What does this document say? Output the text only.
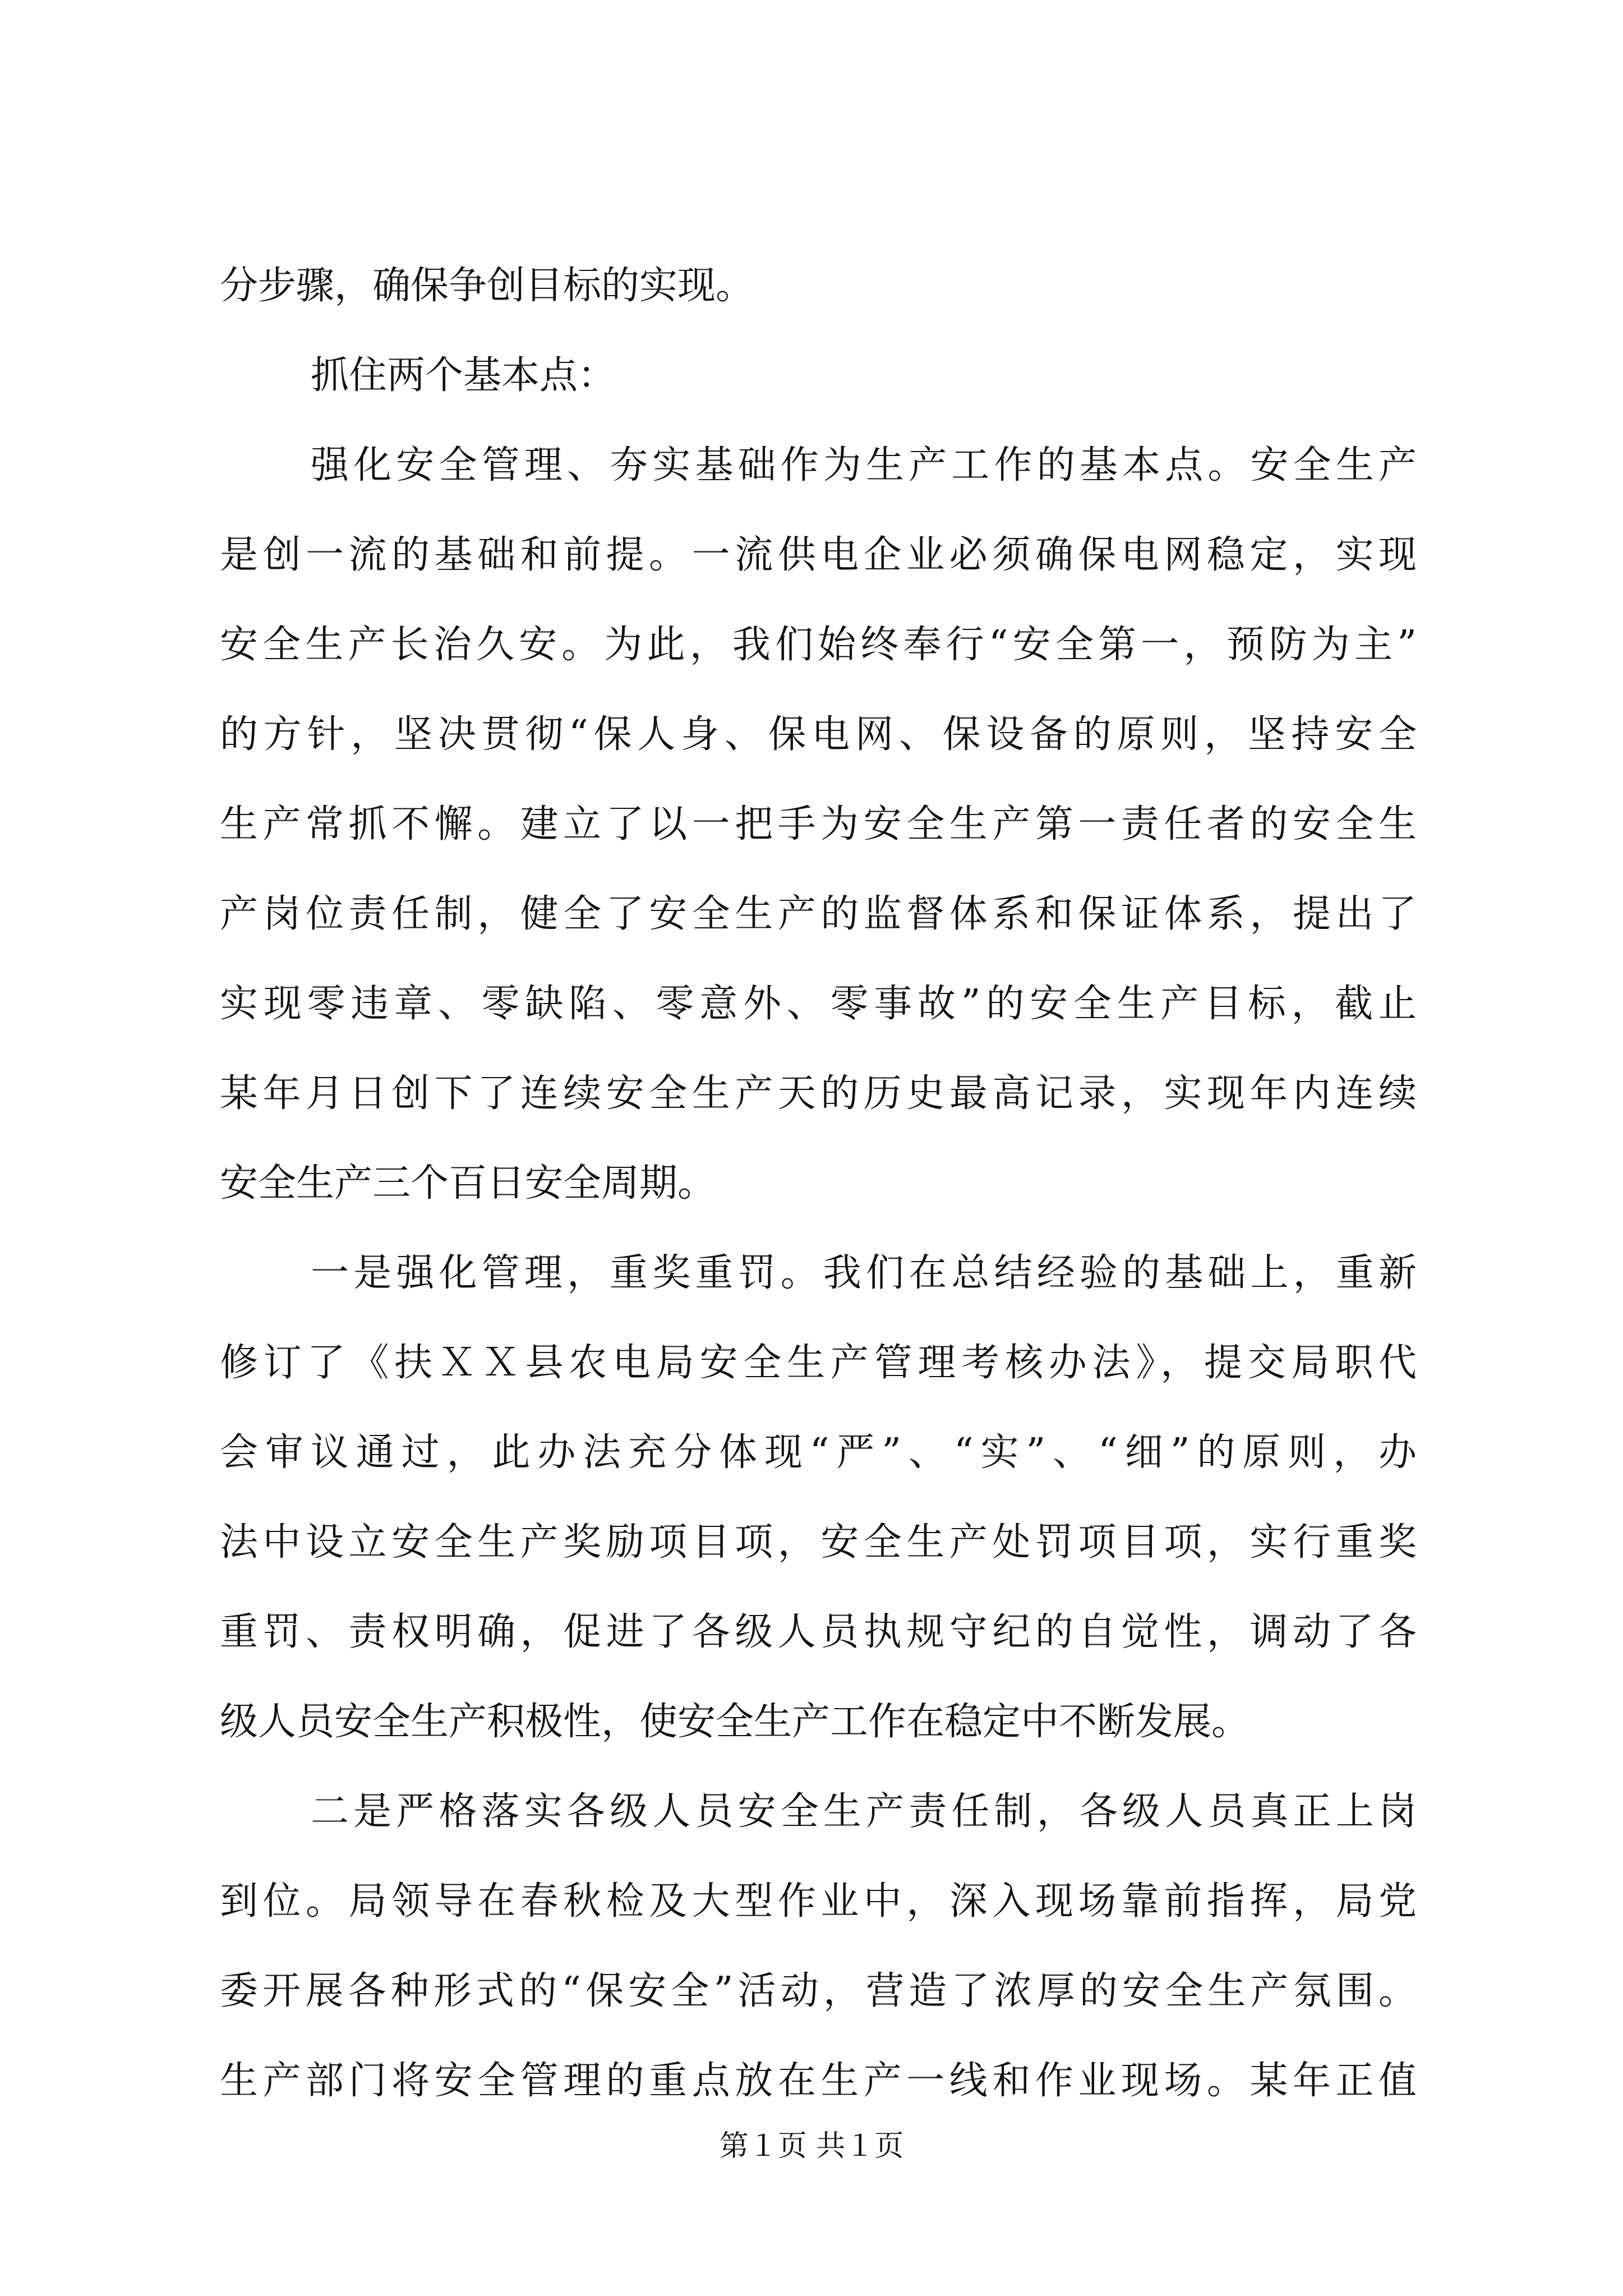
分步骤，确保争创目标的实现。
抓住两个基本点：
强化安全管理、夯实基础作为生产工作的基本点。安全生产
是创一流的基础和前提。一流供电企业必须确保电网稳定，实现
安全生产长治久安。为此，我们始终奉行“安全第一，预防为主”
的方针，坚决贯彻“保人身、保电网、保设备的原则，坚持安全
生产常抓不懈。建立了以一把手为安全生产第一责任者的安全生
产岗位责任制，健全了安全生产的监督体系和保证体系，提出了
实现零违章、零缺陷、零意外、零事故”的安全生产目标，截止
某年月日创下了连续安全生产天的历史最高记录，实现年内连续
安全生产三个百日安全周期。
一是强化管理，重奖重罚。我们在总结经验的基础上，重新
修订了《扶ＸＸ县农电局安全生产管理考核办法》，提交局职代
会审议通过，此办法充分体现“严”、“实”、“细”的原则，办
法中设立安全生产奖励项目项，安全生产处罚项目项，实行重奖
重罚、责权明确，促进了各级人员执规守纪的自觉性，调动了各
级人员安全生产积极性，使安全生产工作在稳定中不断发展。
二是严格落实各级人员安全生产责任制，各级人员真正上岗
到位。局领导在春秋检及大型作业中，深入现场靠前指挥，局党
委开展各种形式的“保安全”活动，营造了浓厚的安全生产氛围。
生产部门将安全管理的重点放在生产一线和作业现场。某年正值
第１页 共１页
